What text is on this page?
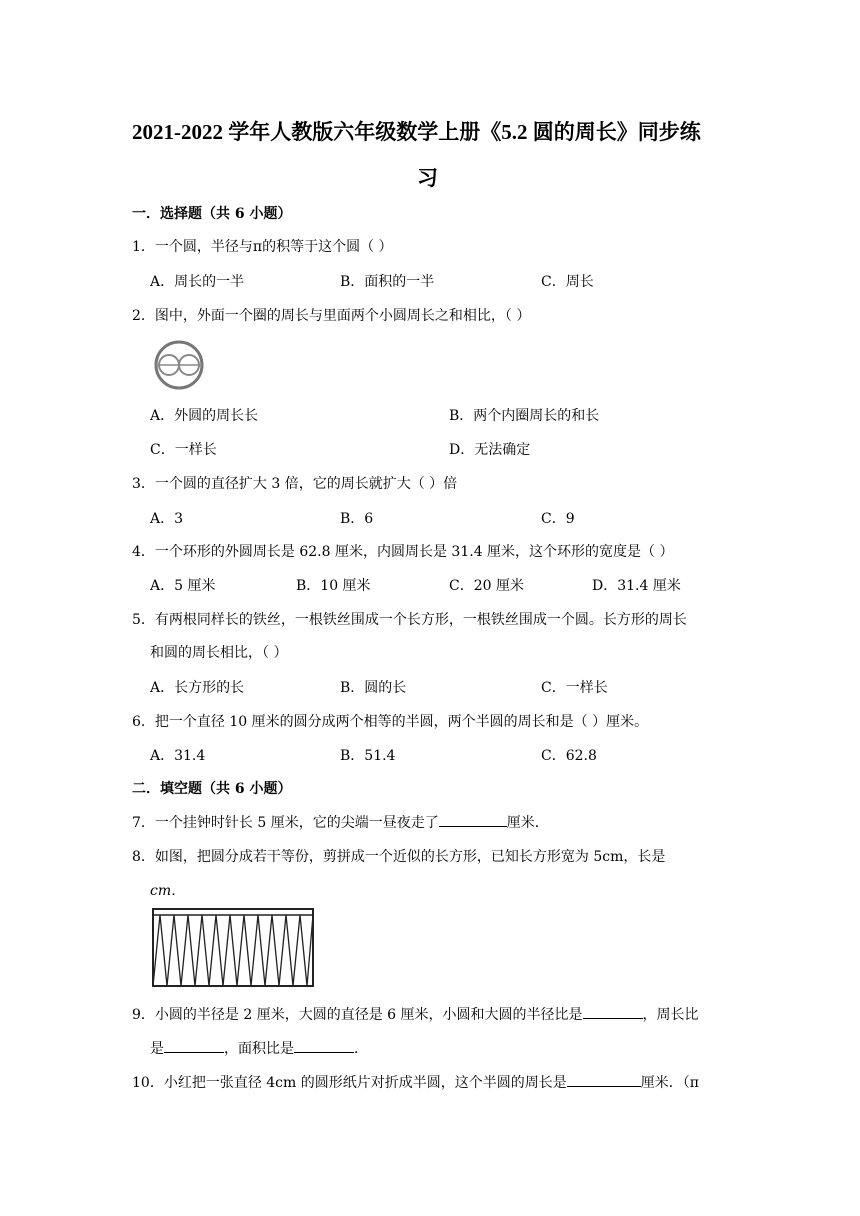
2021-2022 学年人教版六年级数学上册《5.2 圆的周长》同步练
习
一．选择题（共 6 小题）
1．一个圆，半径与π的积等于这个圆（ ）
A．周长的一半	B．面积的一半	C．周长
2．图中，外面一个圈的周长与里面两个小圆周长之和相比，（ ）
A．外圆的周长长	B．两个内圈周长的和长
C．一样长	D．无法确定
3．一个圆的直径扩大 3 倍，它的周长就扩大（ ）倍
A．3	B．6	C．9
4．一个环形的外圆周长是 62.8 厘米，内圆周长是 31.4 厘米，这个环形的宽度是（ ）
A．5 厘米	B．10 厘米	C．20 厘米	D．31.4 厘米
5．有两根同样长的铁丝，一根铁丝围成一个长方形，一根铁丝围成一个圆。长方形的周长
和圆的周长相比，（ ）
A．长方形的长	B．圆的长	C．一样长
6．把一个直径 10 厘米的圆分成两个相等的半圆，两个半圆的周长和是（ ）厘米。
A．31.4	B．51.4	C．62.8
二．填空题（共 6 小题）
7．一个挂钟时针长 5 厘米，它的尖端一昼夜走了	厘米．
8．如图，把圆分成若干等份，剪拼成一个近似的长方形，已知长方形宽为 5cm，长是
cm．
9．小圆的半径是 2 厘米，大圆的直径是 6 厘米，小圆和大圆的半径比是	，周长比
是	，面积比是	．
10．小红把一张直径 4cm 的圆形纸片对折成半圆，这个半圆的周长是	厘米．（π
